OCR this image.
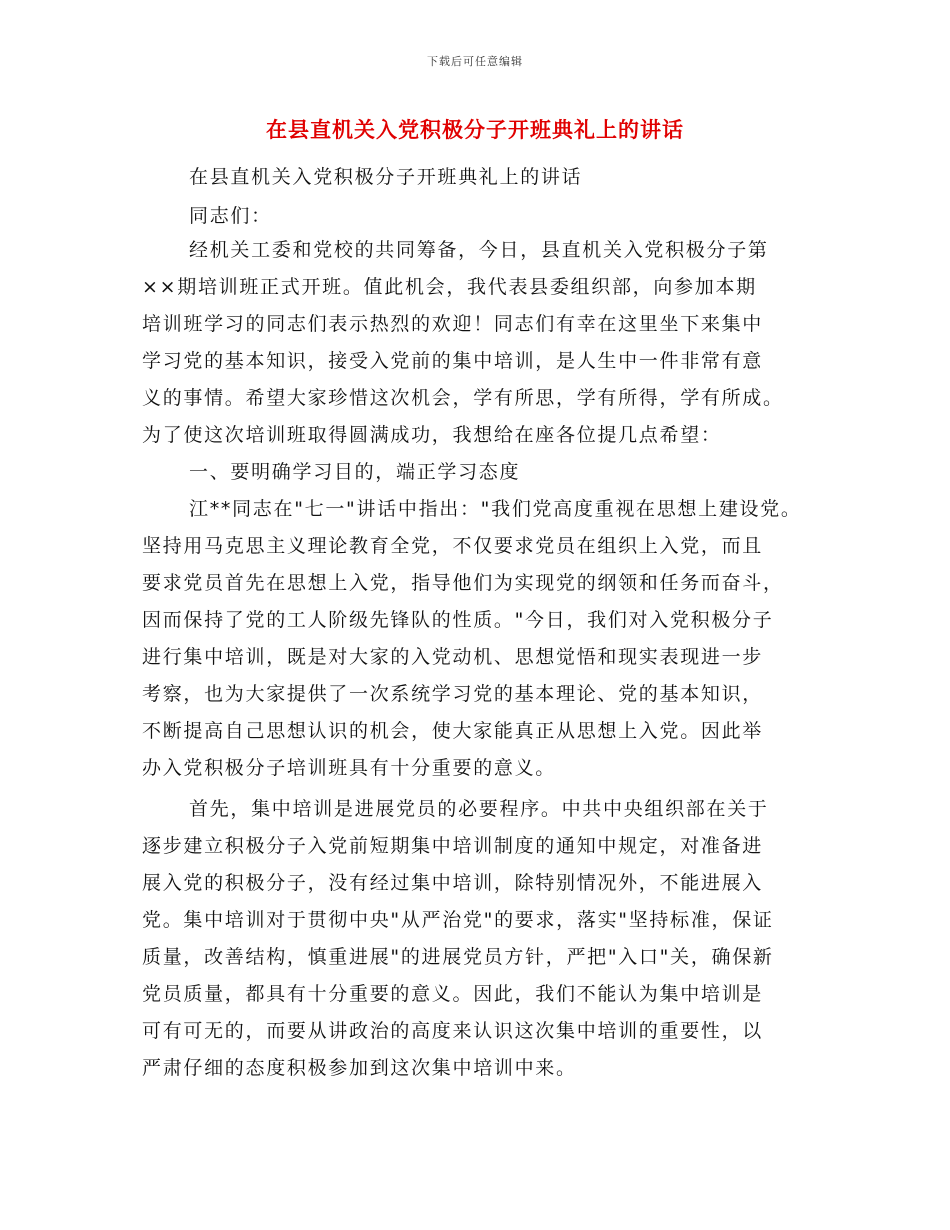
下载后可任意编辑
在县直机关入党积极分子开班典礼上的讲话
在县直机关入党积极分子开班典礼上的讲话
同志们：
经机关工委和党校的共同筹备，今日，县直机关入党积极分子第
××期培训班正式开班。值此机会，我代表县委组织部，向参加本期
培训班学习的同志们表示热烈的欢迎！同志们有幸在这里坐下来集中
学习党的基本知识，接受入党前的集中培训，是人生中一件非常有意
义的事情。希望大家珍惜这次机会，学有所思，学有所得，学有所成。
为了使这次培训班取得圆满成功，我想给在座各位提几点希望：
一、要明确学习目的，端正学习态度
江**同志在"七一"讲话中指出："我们党高度重视在思想上建设党。
坚持用马克思主义理论教育全党，不仅要求党员在组织上入党，而且
要求党员首先在思想上入党，指导他们为实现党的纲领和任务而奋斗，
因而保持了党的工人阶级先锋队的性质。"今日，我们对入党积极分子
进行集中培训，既是对大家的入党动机、思想觉悟和现实表现进一步
考察，也为大家提供了一次系统学习党的基本理论、党的基本知识，
不断提高自己思想认识的机会，使大家能真正从思想上入党。因此举
办入党积极分子培训班具有十分重要的意义。
首先，集中培训是进展党员的必要程序。中共中央组织部在关于
逐步建立积极分子入党前短期集中培训制度的通知中规定，对准备进
展入党的积极分子，没有经过集中培训，除特别情况外，不能进展入
党。集中培训对于贯彻中央"从严治党"的要求，落实"坚持标准，保证
质量，改善结构，慎重进展"的进展党员方针，严把"入口"关，确保新
党员质量，都具有十分重要的意义。因此，我们不能认为集中培训是
可有可无的，而要从讲政治的高度来认识这次集中培训的重要性，以
严肃仔细的态度积极参加到这次集中培训中来。
